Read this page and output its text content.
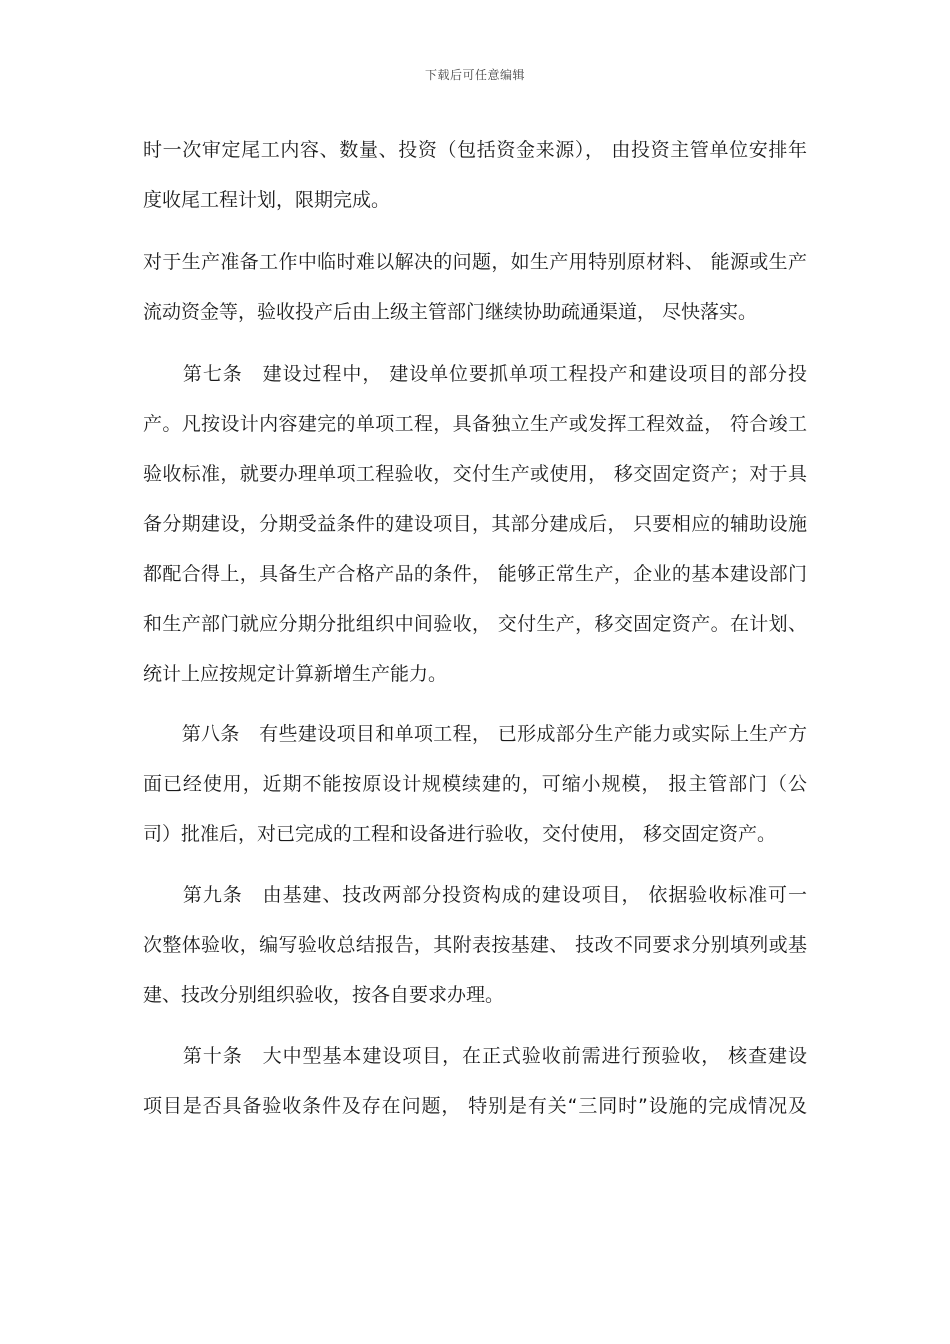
下载后可任意编辑
时一次审定尾工内容、数量、投资（包括资金来源）， 由投资主管单位安排年
度收尾工程计划，限期完成。
对于生产准备工作中临时难以解决的问题，如生产用特别原材料、 能源或生产
流动资金等，验收投产后由上级主管部门继续协助疏通渠道， 尽快落实。
　　第七条　建设过程中， 建设单位要抓单项工程投产和建设项目的部分投
产。凡按设计内容建完的单项工程，具备独立生产或发挥工程效益， 符合竣工
验收标准，就要办理单项工程验收，交付生产或使用， 移交固定资产；对于具
备分期建设，分期受益条件的建设项目，其部分建成后， 只要相应的辅助设施
都配合得上，具备生产合格产品的条件， 能够正常生产，企业的基本建设部门
和生产部门就应分期分批组织中间验收， 交付生产，移交固定资产。在计划、
统计上应按规定计算新增生产能力。
　　第八条　有些建设项目和单项工程， 已形成部分生产能力或实际上生产方
面已经使用，近期不能按原设计规模续建的，可缩小规模， 报主管部门（公
司）批准后，对已完成的工程和设备进行验收，交付使用， 移交固定资产。
　　第九条　由基建、技改两部分投资构成的建设项目， 依据验收标准可一
次整体验收，编写验收总结报告，其附表按基建、 技改不同要求分别填列或基
建、技改分别组织验收，按各自要求办理。
　　第十条　大中型基本建设项目，在正式验收前需进行预验收， 核查建设
项目是否具备验收条件及存在问题， 特别是有关“三同时”设施的完成情况及
